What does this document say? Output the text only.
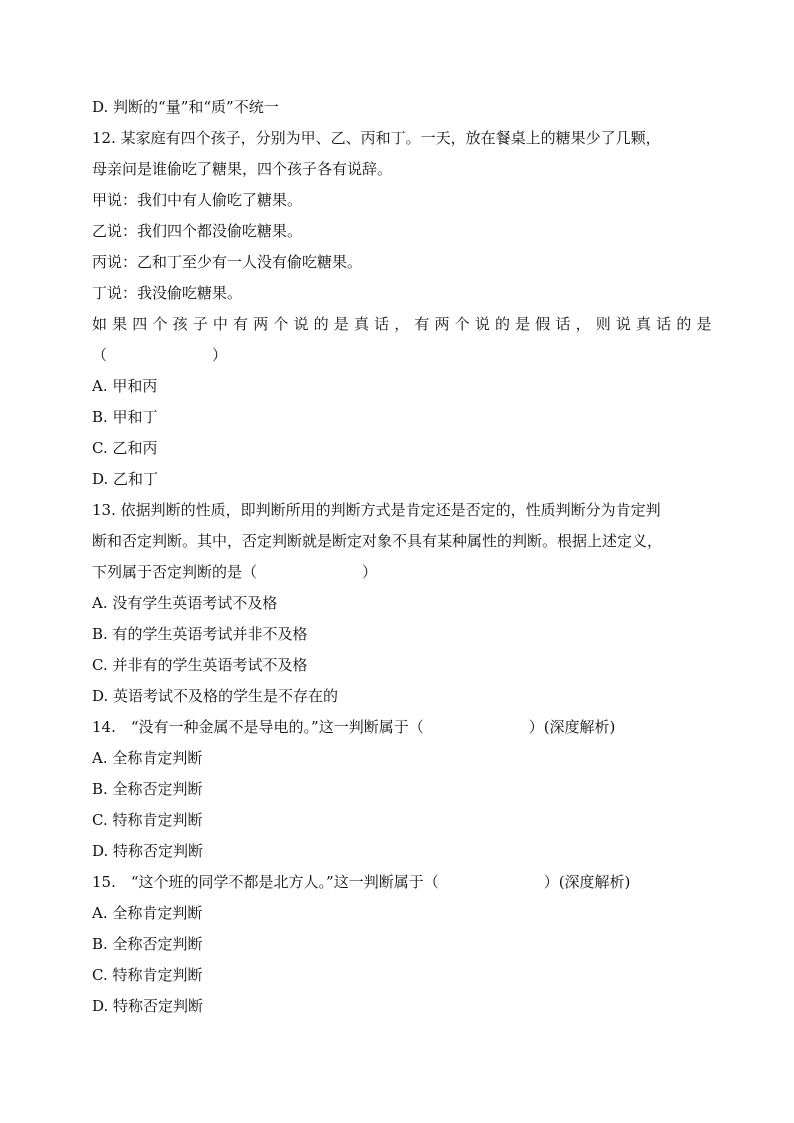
D. 判断的“量”和“质”不统一
12. 某家庭有四个孩子，分别为甲、乙、丙和丁。一天，放在餐桌上的糖果少了几颗，
母亲问是谁偷吃了糖果，四个孩子各有说辞。
甲说：我们中有人偷吃了糖果。
乙说：我们四个都没偷吃糖果。
丙说：乙和丁至少有一人没有偷吃糖果。
丁说：我没偷吃糖果。
如果四个孩子中有两个说的是真话，有两个说的是假话，则说真话的是
（　　　　　　　）
A. 甲和丙
B. 甲和丁
C. 乙和丙
D. 乙和丁
13. 依据判断的性质，即判断所用的判断方式是肯定还是否定的，性质判断分为肯定判
断和否定判断。其中，否定判断就是断定对象不具有某种属性的判断。根据上述定义，
下列属于否定判断的是（　　　　　　　）
A. 没有学生英语考试不及格
B. 有的学生英语考试并非不及格
C. 并非有的学生英语考试不及格
D. 英语考试不及格的学生是不存在的
14.　“没有一种金属不是导电的。”这一判断属于（　　　　　　　）(深度解析)
A. 全称肯定判断
B. 全称否定判断
C. 特称肯定判断
D. 特称否定判断
15.　“这个班的同学不都是北方人。”这一判断属于（　　　　　　　）(深度解析)
A. 全称肯定判断
B. 全称否定判断
C. 特称肯定判断
D. 特称否定判断
